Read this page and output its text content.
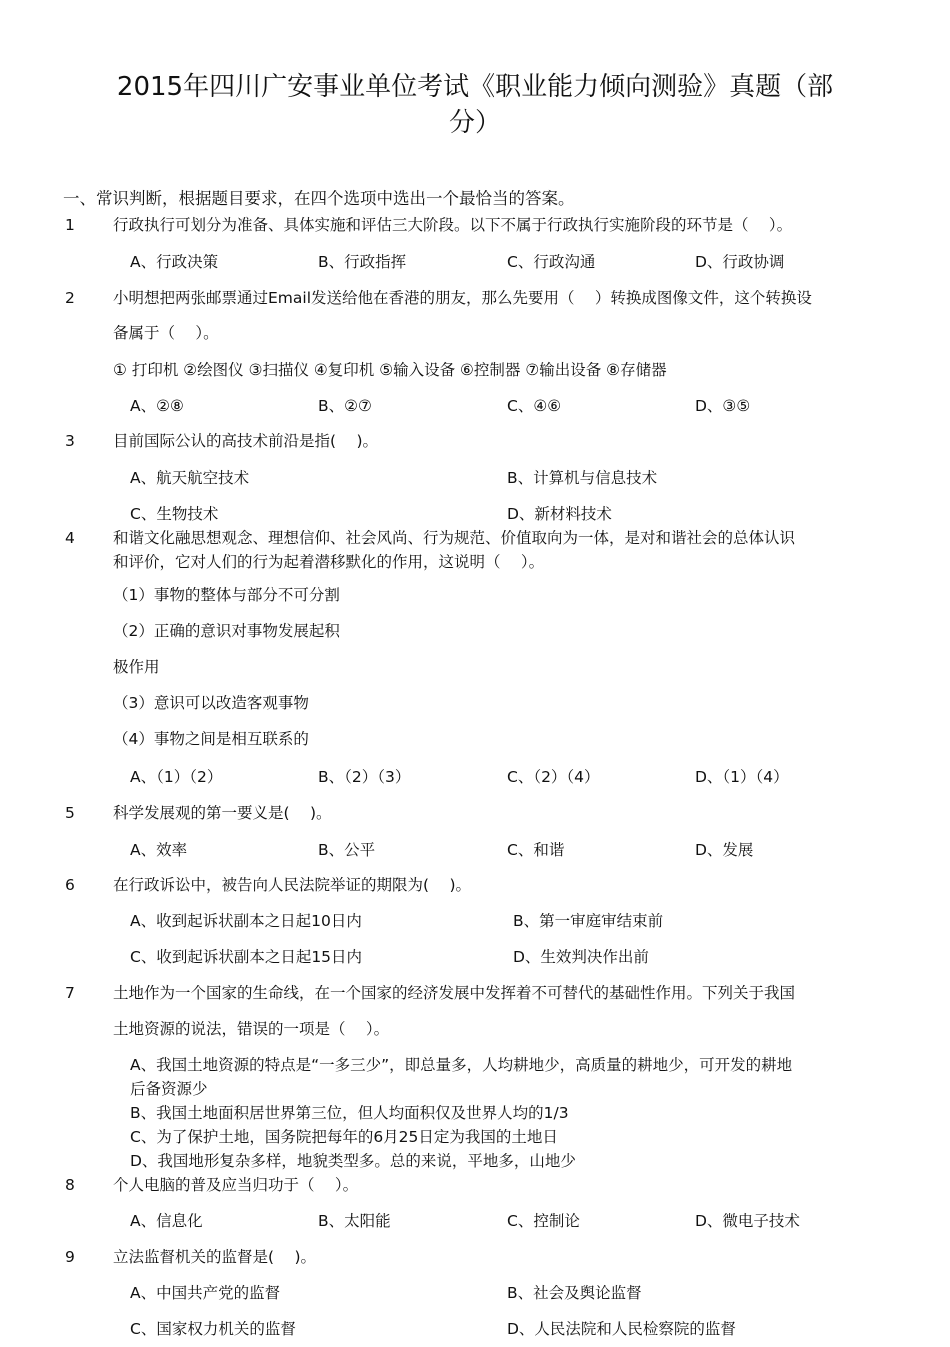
2015年四川广安事业单位考试《职业能力倾向测验》真题（部
分）
一、常识判断，根据题目要求，在四个选项中选出一个最恰当的答案。
1 行政执行可划分为准备、具体实施和评估三大阶段。以下不属于行政执行实施阶段的环节是（　 ）。
A、行政决策	B、行政指挥	C、行政沟通	D、行政协调
2 小明想把两张邮票通过Email发送给他在香港的朋友，那么先要用（　 ）转换成图像文件，这个转换设
备属于（　 ）。
① 打印机 ②绘图仪 ③扫描仪 ④复印机 ⑤输入设备 ⑥控制器 ⑦输出设备 ⑧存储器
A、②⑧	B、②⑦	C、④⑥	D、③⑤
3 目前国际公认的高技术前沿是指(　 )。
A、航天航空技术	B、计算机与信息技术
C、生物技术	D、新材料技术
4 和谐文化融思想观念、理想信仰、社会风尚、行为规范、价值取向为一体，是对和谐社会的总体认识
和评价，它对人们的行为起着潜移默化的作用，这说明（　 ）。
（1）事物的整体与部分不可分割
（2）正确的意识对事物发展起积
极作用
（3）意识可以改造客观事物
（4）事物之间是相互联系的
A、（1）（2）	B、（2）（3）	C、（2）（4）	D、（1）（4）
5 科学发展观的第一要义是(　 )。
A、效率	B、公平	C、和谐	D、发展
6 在行政诉讼中，被告向人民法院举证的期限为(　 )。
A、收到起诉状副本之日起10日内	B、第一审庭审结束前
C、收到起诉状副本之日起15日内	D、生效判决作出前
7 土地作为一个国家的生命线，在一个国家的经济发展中发挥着不可替代的基础性作用。下列关于我国
土地资源的说法，错误的一项是（　 ）。
A、我国土地资源的特点是“一多三少”，即总量多，人均耕地少，高质量的耕地少，可开发的耕地
后备资源少
B、我国土地面积居世界第三位，但人均面积仅及世界人均的1/3
C、为了保护土地，国务院把每年的6月25日定为我国的土地日
D、我国地形复杂多样，地貌类型多。总的来说，平地多，山地少
8 个人电脑的普及应当归功于（　 ）。
A、信息化	B、太阳能	C、控制论	D、微电子技术
9 立法监督机关的监督是(　 )。
A、中国共产党的监督	B、社会及舆论监督
C、国家权力机关的监督	D、人民法院和人民检察院的监督
